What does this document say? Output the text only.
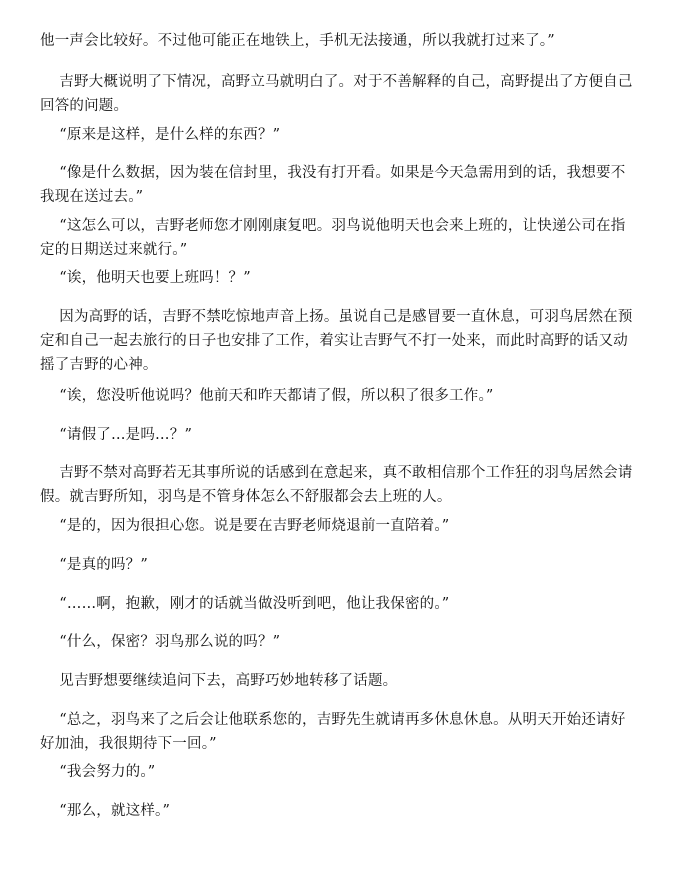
他一声会比较好。不过他可能正在地铁上，手机无法接通，所以我就打过来了。”

吉野大概说明了下情况，高野立马就明白了。对于不善解释的自己，高野提出了方便自己回答的问题。

“原来是这样，是什么样的东西？”

“像是什么数据，因为装在信封里，我没有打开看。如果是今天急需用到的话，我想要不我现在送过去。”

“这怎么可以，吉野老师您才刚刚康复吧。羽鸟说他明天也会来上班的，让快递公司在指定的日期送过来就行。”

“诶，他明天也要上班吗！？”

因为高野的话，吉野不禁吃惊地声音上扬。虽说自己是感冒要一直休息，可羽鸟居然在预定和自己一起去旅行的日子也安排了工作，着实让吉野气不打一处来，而此时高野的话又动摇了吉野的心神。

“诶，您没听他说吗？他前天和昨天都请了假，所以积了很多工作。”

“请假了…是吗…？”

吉野不禁对高野若无其事所说的话感到在意起来，真不敢相信那个工作狂的羽鸟居然会请假。就吉野所知，羽鸟是不管身体怎么不舒服都会去上班的人。

“是的，因为很担心您。说是要在吉野老师烧退前一直陪着。”

“是真的吗？”

“……啊，抱歉，刚才的话就当做没听到吧，他让我保密的。”

“什么，保密？羽鸟那么说的吗？”

见吉野想要继续追问下去，高野巧妙地转移了话题。

“总之，羽鸟来了之后会让他联系您的，吉野先生就请再多休息休息。从明天开始还请好好加油，我很期待下一回。”

“我会努力的。”

“那么，就这样。”
